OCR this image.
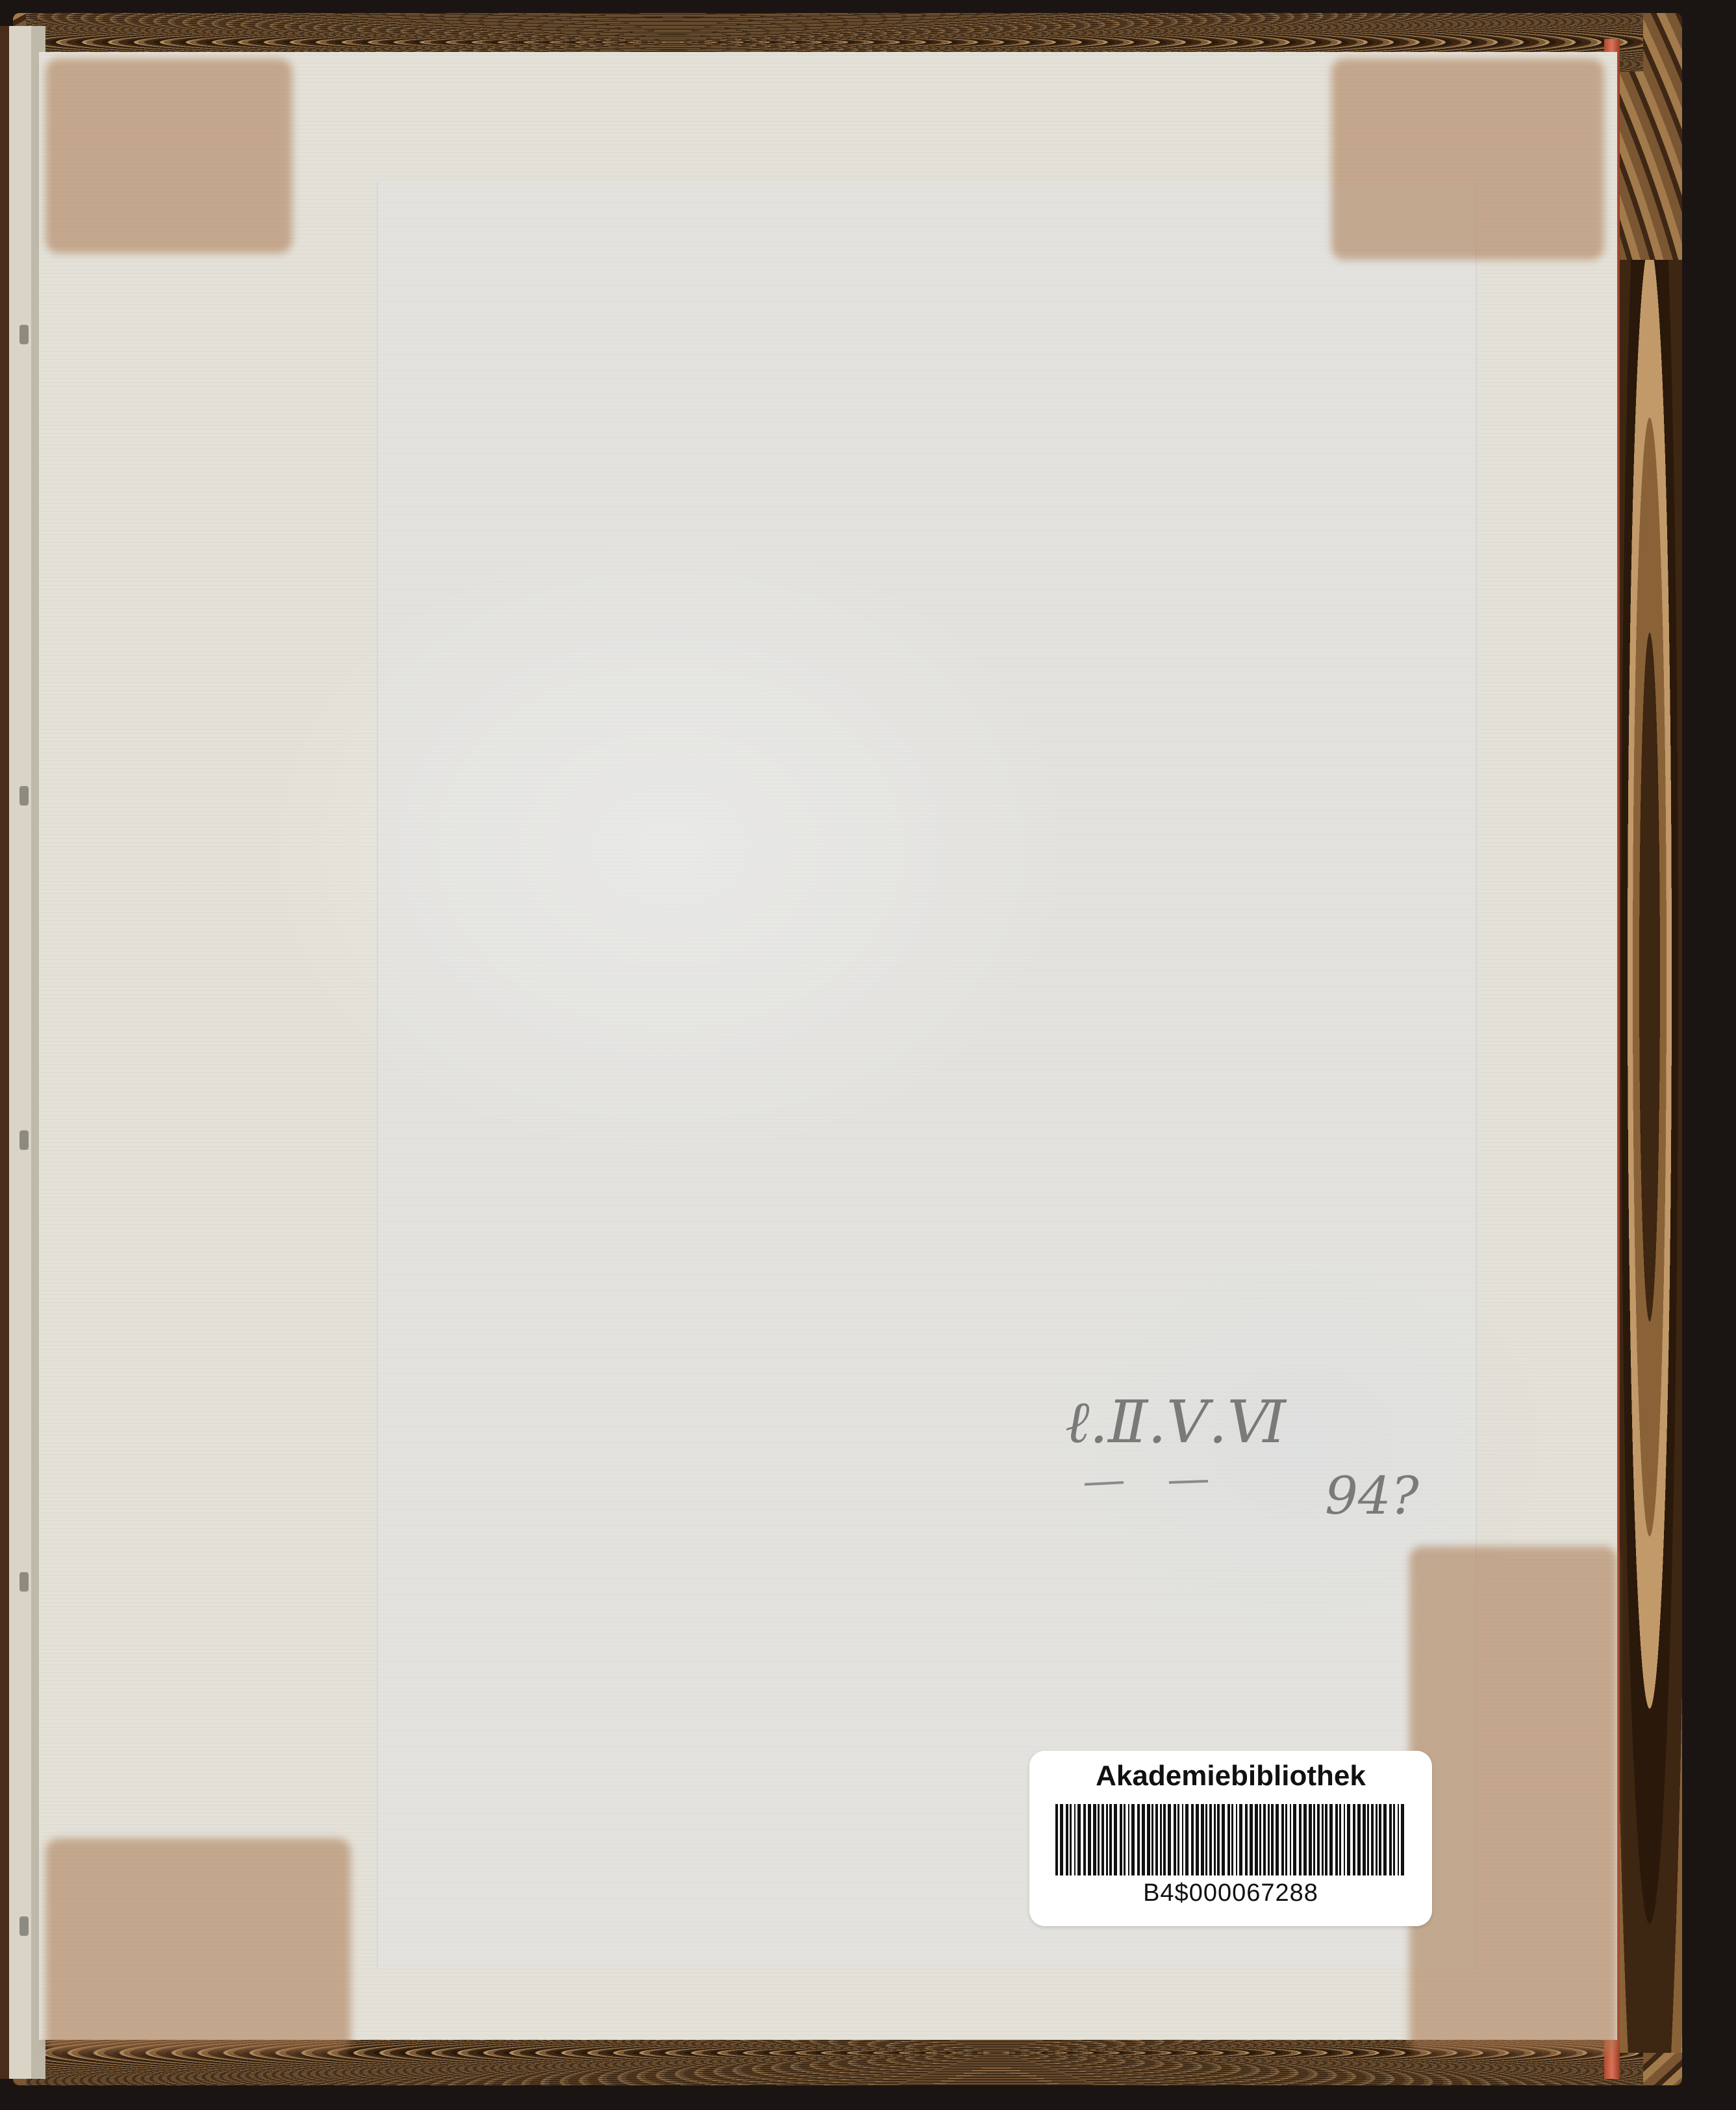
ℓ.Ⅱ.Ⅴ.Ⅵ
94?
Akademiebibliothek
B4$000067288
